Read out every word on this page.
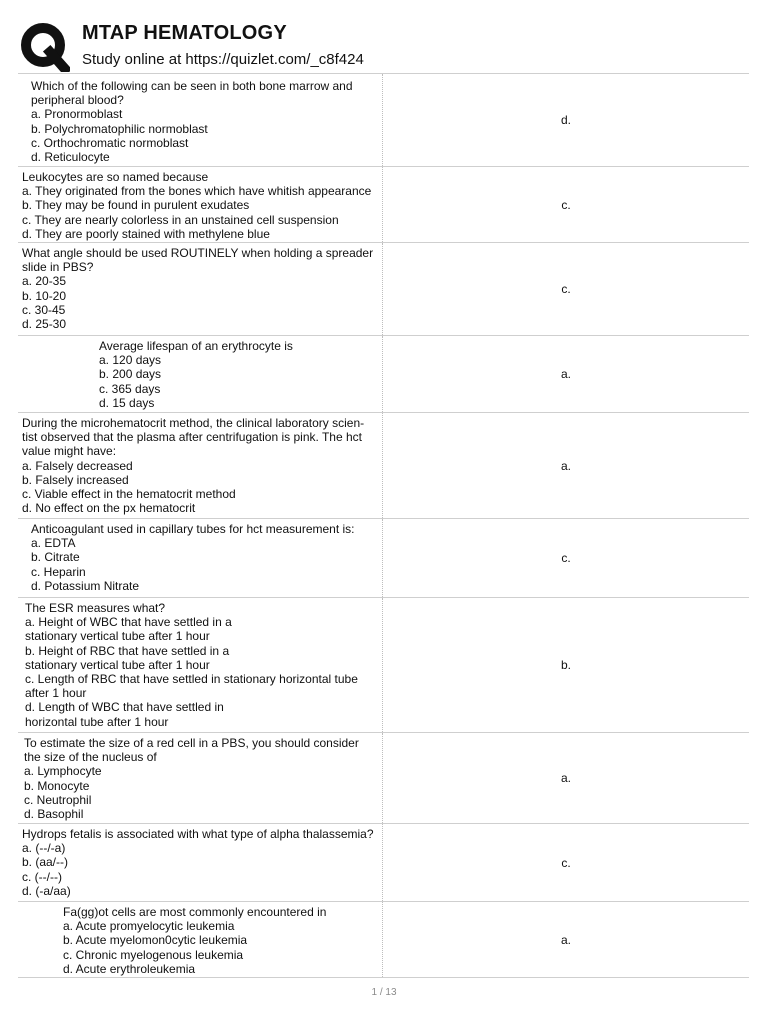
MTAP HEMATOLOGY
Study online at https://quizlet.com/_c8f424
Which of the following can be seen in both bone marrow and
peripheral blood?
a. Pronormoblast
b. Polychromatophilic normoblast
c. Orthochromatic normoblast
d. Reticulocyte
d.
Leukocytes are so named because
a. They originated from the bones which have whitish appearance
b. They may be found in purulent exudates
c. They are nearly colorless in an unstained cell suspension
d. They are poorly stained with methylene blue
c.
What angle should be used ROUTINELY when holding a spreader
slide in PBS?
a. 20-35
b. 10-20
c. 30-45
d. 25-30
c.
Average lifespan of an erythrocyte is
a. 120 days
b. 200 days
c. 365 days
d. 15 days
a.
During the microhematocrit method, the clinical laboratory scien-
tist observed that the plasma after centrifugation is pink. The hct
value might have:
a. Falsely decreased
b. Falsely increased
c. Viable effect in the hematocrit method
d. No effect on the px hematocrit
a.
Anticoagulant used in capillary tubes for hct measurement is:
a. EDTA
b. Citrate
c. Heparin
d. Potassium Nitrate
c.
The ESR measures what?
a. Height of WBC that have settled in a
stationary vertical tube after 1 hour
b. Height of RBC that have settled in a
stationary vertical tube after 1 hour
c. Length of RBC that have settled in stationary horizontal tube
after 1 hour
d. Length of WBC that have settled in
horizontal tube after 1 hour
b.
To estimate the size of a red cell in a PBS, you should consider
the size of the nucleus of
a. Lymphocyte
b. Monocyte
c. Neutrophil
d. Basophil
a.
Hydrops fetalis is associated with what type of alpha thalassemia?
a. (--/-a)
b. (aa/--)
c. (--/--)
d. (-a/aa)
c.
Fa(gg)ot cells are most commonly encountered in
a. Acute promyelocytic leukemia
b. Acute myelomon0cytic leukemia
c. Chronic myelogenous leukemia
d. Acute erythroleukemia
a.
1 / 13
